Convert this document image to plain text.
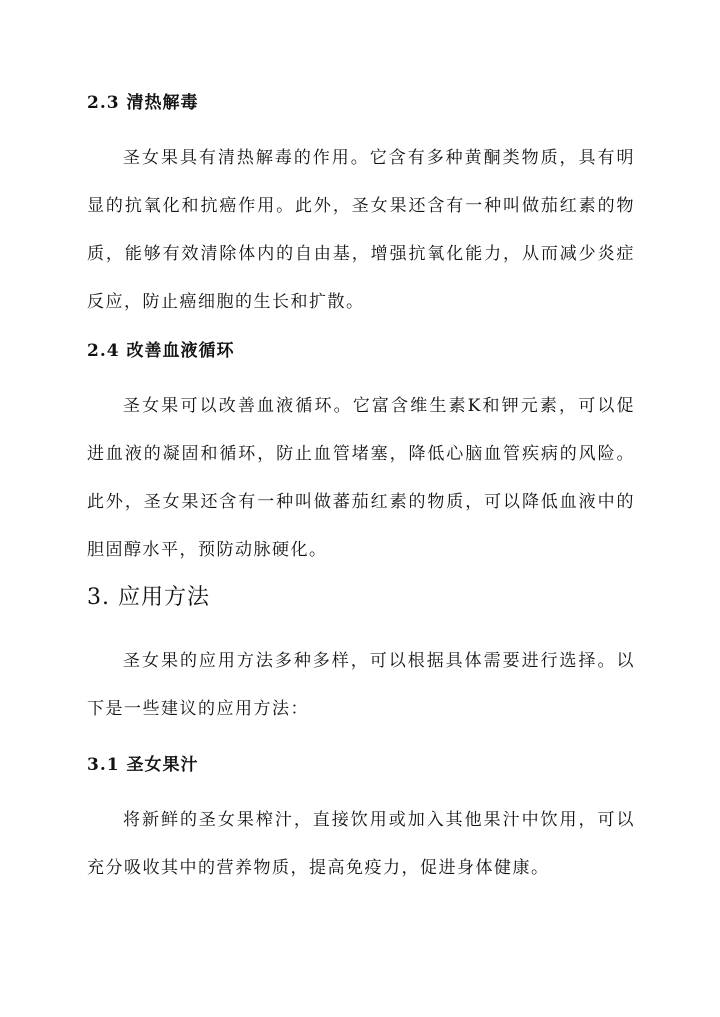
2.3 清热解毒
圣女果具有清热解毒的作用。它含有多种黄酮类物质，具有明显的抗氧化和抗癌作用。此外，圣女果还含有一种叫做茄红素的物质，能够有效清除体内的自由基，增强抗氧化能力，从而减少炎症反应，防止癌细胞的生长和扩散。
2.4 改善血液循环
圣女果可以改善血液循环。它富含维生素K和钾元素，可以促进血液的凝固和循环，防止血管堵塞，降低心脑血管疾病的风险。此外，圣女果还含有一种叫做蕃茄红素的物质，可以降低血液中的胆固醇水平，预防动脉硬化。
3. 应用方法
圣女果的应用方法多种多样，可以根据具体需要进行选择。以下是一些建议的应用方法：
3.1 圣女果汁
将新鲜的圣女果榨汁，直接饮用或加入其他果汁中饮用，可以充分吸收其中的营养物质，提高免疫力，促进身体健康。
